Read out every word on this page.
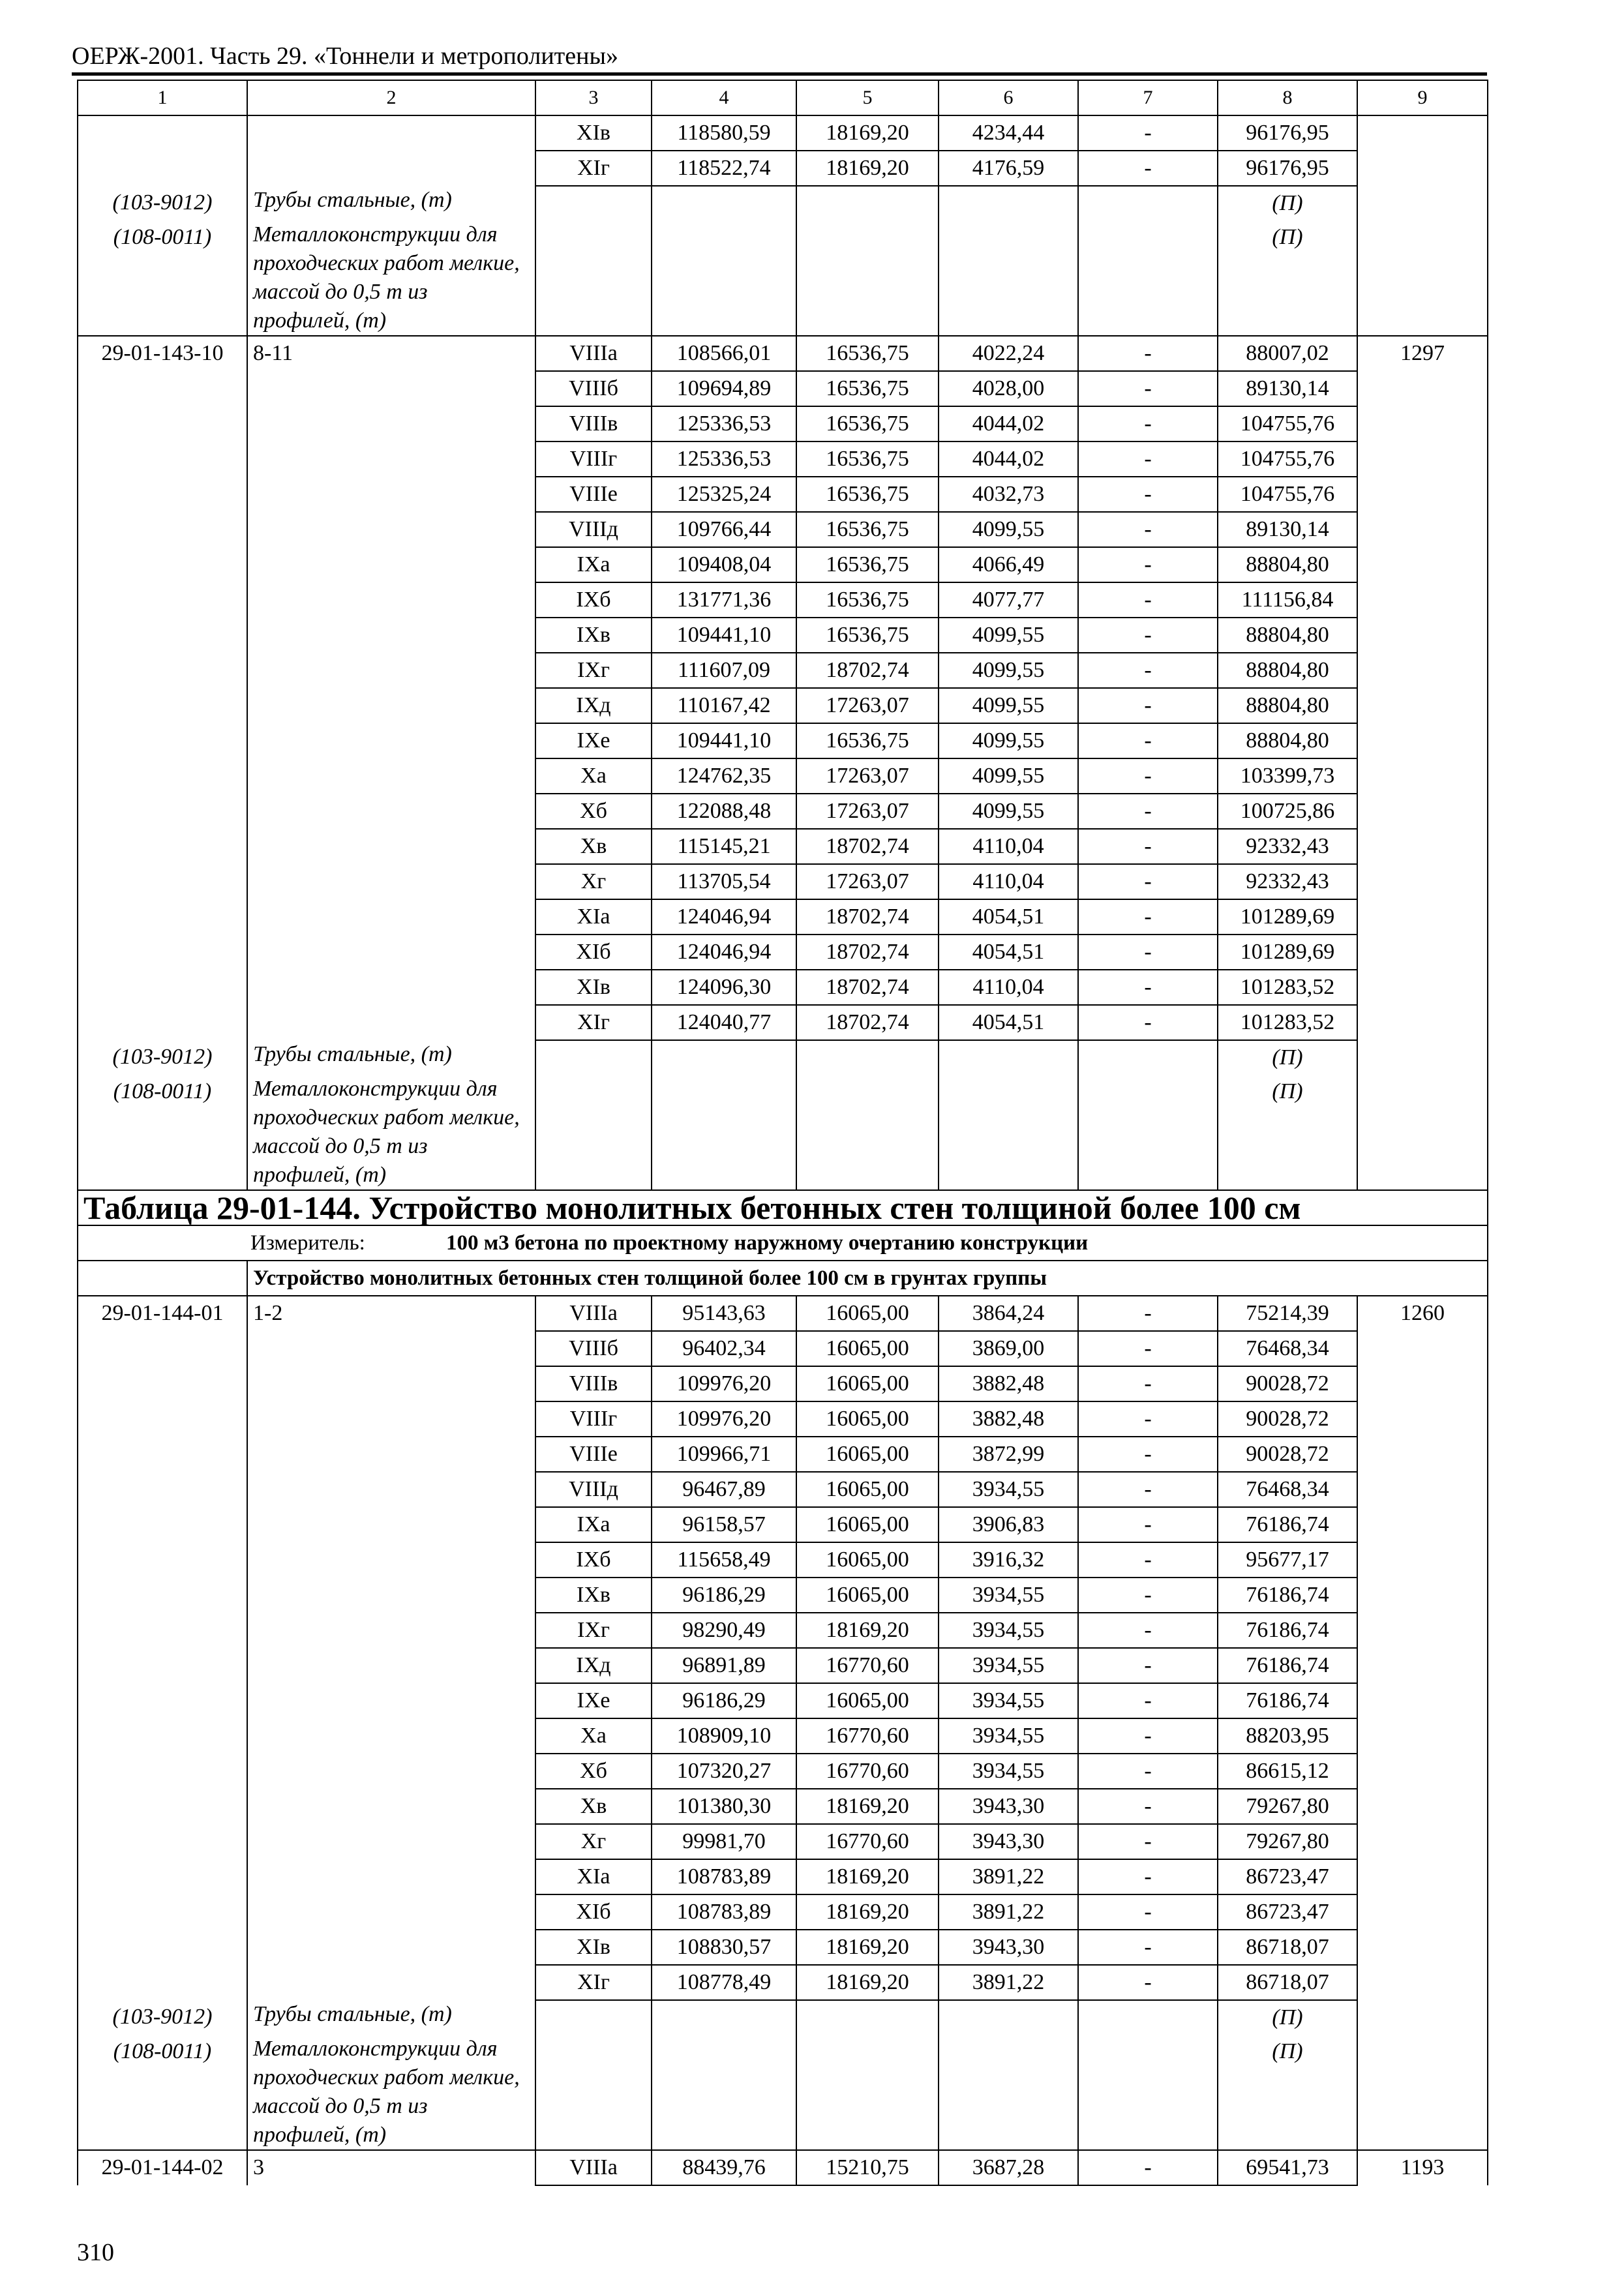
ОЕРЖ-2001. Часть 29. «Тоннели и метрополитены»
1	2	3	4	5	6	7	8	9
		XIв	118580,59	18169,20	4234,44	-	96176,95	
		XIг	118522,74	18169,20	4176,59	-	96176,95	
(103-9012)	Трубы стальные, (т)						(П)	
(108-0011)	Металлоконструкции для проходческих работ мелкие, массой до 0,5 т из профилей, (т)						(П)	
29-01-143-10	8-11	VIIIа	108566,01	16536,75	4022,24	-	88007,02	1297
		VIIIб	109694,89	16536,75	4028,00	-	89130,14	
		VIIIв	125336,53	16536,75	4044,02	-	104755,76	
		VIIIг	125336,53	16536,75	4044,02	-	104755,76	
		VIIIе	125325,24	16536,75	4032,73	-	104755,76	
		VIIIд	109766,44	16536,75	4099,55	-	89130,14	
		IXа	109408,04	16536,75	4066,49	-	88804,80	
		IXб	131771,36	16536,75	4077,77	-	111156,84	
		IXв	109441,10	16536,75	4099,55	-	88804,80	
		IXг	111607,09	18702,74	4099,55	-	88804,80	
		IXд	110167,42	17263,07	4099,55	-	88804,80	
		IXе	109441,10	16536,75	4099,55	-	88804,80	
		Xа	124762,35	17263,07	4099,55	-	103399,73	
		Xб	122088,48	17263,07	4099,55	-	100725,86	
		Xв	115145,21	18702,74	4110,04	-	92332,43	
		Xг	113705,54	17263,07	4110,04	-	92332,43	
		XIа	124046,94	18702,74	4054,51	-	101289,69	
		XIб	124046,94	18702,74	4054,51	-	101289,69	
		XIв	124096,30	18702,74	4110,04	-	101283,52	
		XIг	124040,77	18702,74	4054,51	-	101283,52	
(103-9012)	Трубы стальные, (т)						(П)	
(108-0011)	Металлоконструкции для проходческих работ мелкие, массой до 0,5 т из профилей, (т)						(П)	
Таблица 29-01-144. Устройство монолитных бетонных стен толщиной более 100 см								
Измеритель: 100 м3 бетона по проектному наружному очертанию конструкции								
	Устройство монолитных бетонных стен толщиной более 100 см в грунтах группы							
29-01-144-01	1-2	VIIIа	95143,63	16065,00	3864,24	-	75214,39	1260
		VIIIб	96402,34	16065,00	3869,00	-	76468,34	
		VIIIв	109976,20	16065,00	3882,48	-	90028,72	
		VIIIг	109976,20	16065,00	3882,48	-	90028,72	
		VIIIе	109966,71	16065,00	3872,99	-	90028,72	
		VIIIд	96467,89	16065,00	3934,55	-	76468,34	
		IXа	96158,57	16065,00	3906,83	-	76186,74	
		IXб	115658,49	16065,00	3916,32	-	95677,17	
		IXв	96186,29	16065,00	3934,55	-	76186,74	
		IXг	98290,49	18169,20	3934,55	-	76186,74	
		IXд	96891,89	16770,60	3934,55	-	76186,74	
		IXе	96186,29	16065,00	3934,55	-	76186,74	
		Xа	108909,10	16770,60	3934,55	-	88203,95	
		Xб	107320,27	16770,60	3934,55	-	86615,12	
		Xв	101380,30	18169,20	3943,30	-	79267,80	
		Xг	99981,70	16770,60	3943,30	-	79267,80	
		XIа	108783,89	18169,20	3891,22	-	86723,47	
		XIб	108783,89	18169,20	3891,22	-	86723,47	
		XIв	108830,57	18169,20	3943,30	-	86718,07	
		XIг	108778,49	18169,20	3891,22	-	86718,07	
(103-9012)	Трубы стальные, (т)						(П)	
(108-0011)	Металлоконструкции для проходческих работ мелкие, массой до 0,5 т из профилей, (т)						(П)	
29-01-144-02	3	VIIIа	88439,76	15210,75	3687,28	-	69541,73	1193
310
